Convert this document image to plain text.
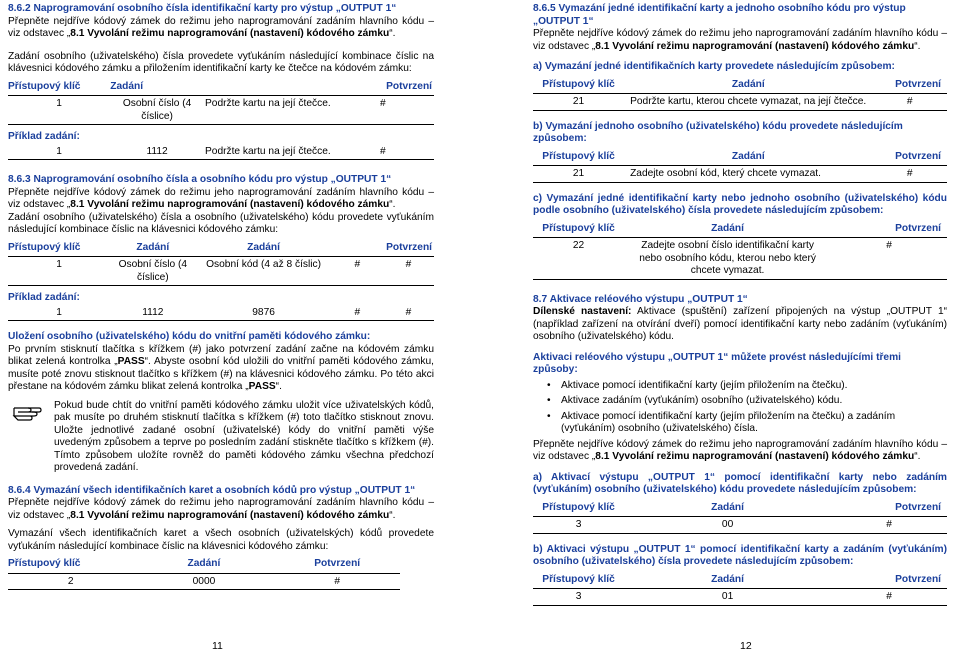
8.6.2 Naprogramování osobního čísla identifikační karty pro výstup „OUTPUT 1“

Přepněte nejdříve kódový zámek do režimu jeho naprogramování zadáním hlavního kódu – viz odstavec „8.1 Vyvolání režimu naprogramování (nastavení) kódového zámku“.

Zadání osobního (uživatelského) čísla provedete vyťukáním následující kombinace číslic na klávesnici kódového zámku a přiložením identifikační karty ke čtečce na kódovém zámku:

Přístupový klíč	Zadání		Potvrzení
1	Osobní číslo (4 číslice)	Podržte kartu na její čtečce.	#
Příklad zadání:
1	1112	Podržte kartu na její čtečce.	#
8.6.3 Naprogramování osobního čísla a osobního kódu pro výstup „OUTPUT 1“

Přepněte nejdříve kódový zámek do režimu jeho naprogramování zadáním hlavního kódu – viz odstavec „8.1 Vyvolání režimu naprogramování (nastavení) kódového zámku“.

Zadání osobního (uživatelského) čísla a osobního (uživatelského) kódu provedete vyťukáním následující kombinace číslic na klávesnici kódového zámku:

Přístupový klíč	Zadání	Zadání	Potvrzení	
1	Osobní číslo (4 číslice)	Osobní kód (4 až 8 číslic)	#	#
Příklad zadání:
1	1112	9876	#	#
Uložení osobního (uživatelského) kódu do vnitřní paměti kódového zámku:

Po prvním stisknutí tlačítka s křížkem (#) jako potvrzení zadání začne na kódovém zámku blikat zelená kontrolka „PASS“. Abyste osobní kód uložili do vnitřní paměti kódového zámku, musíte poté znovu stisknout tlačítko s křížkem (#) na klávesnici kódového zámku. Po této akci přestane na kódovém zámku blikat zelená kontrolka „PASS“.

Pokud bude chtít do vnitřní paměti kódového zámku uložit více uživatelských kódů, pak musíte po druhém stisknutí tlačítka s křížkem (#) toto tlačítko stisknout znovu. Uložte jednotlivé zadané osobní (uživatelské) kódy do vnitřní paměti výše uvedeným způsobem a teprve po posledním zadání stiskněte tlačítko s křížkem (#). Tímto způsobem uložíte rovněž do paměti kódového zámku všechna předchozí provedená zadání.

8.6.4 Vymazání všech identifikačních karet a osobních kódů pro výstup „OUTPUT 1“

Přepněte nejdříve kódový zámek do režimu jeho naprogramování zadáním hlavního kódu – viz odstavec „8.1 Vyvolání režimu naprogramování (nastavení) kódového zámku“.

Vymazání všech identifikačních karet a všech osobních (uživatelských) kódů provedete vyťukáním následující kombinace číslic na klávesnici kódového zámku:

Přístupový klíč	Zadání	Potvrzení
2	0000	#
11
8.6.5 Vymazání jedné identifikační karty a jednoho osobního kódu pro výstup „OUTPUT 1“

Přepněte nejdříve kódový zámek do režimu jeho naprogramování zadáním hlavního kódu – viz odstavec „8.1 Vyvolání režimu naprogramování (nastavení) kódového zámku“.

a) Vymazání jedné identifikačních karty provedete následujícím způsobem:
Přístupový klíč	Zadání	Potvrzení
21	Podržte kartu, kterou chcete vymazat, na její čtečce.	#
b) Vymazání jednoho osobního (uživatelského) kódu provedete následujícím způsobem:
Přístupový klíč	Zadání	Potvrzení
21	Zadejte osobní kód, který chcete vymazat.	#

c) Vymazání jedné identifikační karty nebo jednoho osobního (uživatelského) kódu podle osobního (uživatelského) čísla provedete následujícím způsobem:

Přístupový klíč	Zadání	Potvrzení
22	Zadejte osobní číslo identifikační karty nebo osobního kódu, kterou nebo který chcete vymazat.	#
8.7 Aktivace reléového výstupu „OUTPUT 1“

Dílenské nastavení: Aktivace (spuštění) zařízení připojených na výstup „OUTPUT 1“ (například zařízení na otvírání dveří) pomocí identifikační karty nebo zadáním (vyťukáním) osobního (uživatelského) kódu.

Aktivaci reléového výstupu „OUTPUT 1“ můžete provést následujícími třemi způsoby:
• Aktivace pomocí identifikační karty (jejím přiložením na čtečku).
• Aktivace zadáním (vyťukáním) osobního (uživatelského) kódu.
• Aktivace pomocí identifikační karty (jejím přiložením na čtečku) a zadáním (vyťukáním) osobního (uživatelského) čísla.

Přepněte nejdříve kódový zámek do režimu jeho naprogramování zadáním hlavního kódu – viz odstavec „8.1 Vyvolání režimu naprogramování (nastavení) kódového zámku“.

a) Aktivací výstupu „OUTPUT 1“ pomocí identifikační karty nebo zadáním (vyťukáním) osobního (uživatelského) kódu provedete následujícím způsobem:

Přístupový klíč	Zadání	Potvrzení
3	00	#

b) Aktivaci výstupu „OUTPUT 1“ pomocí identifikační karty a zadáním (vyťukáním) osobního (uživatelského) čísla provedete následujícím způsobem:

Přístupový klíč	Zadání	Potvrzení
3	01	#
12
